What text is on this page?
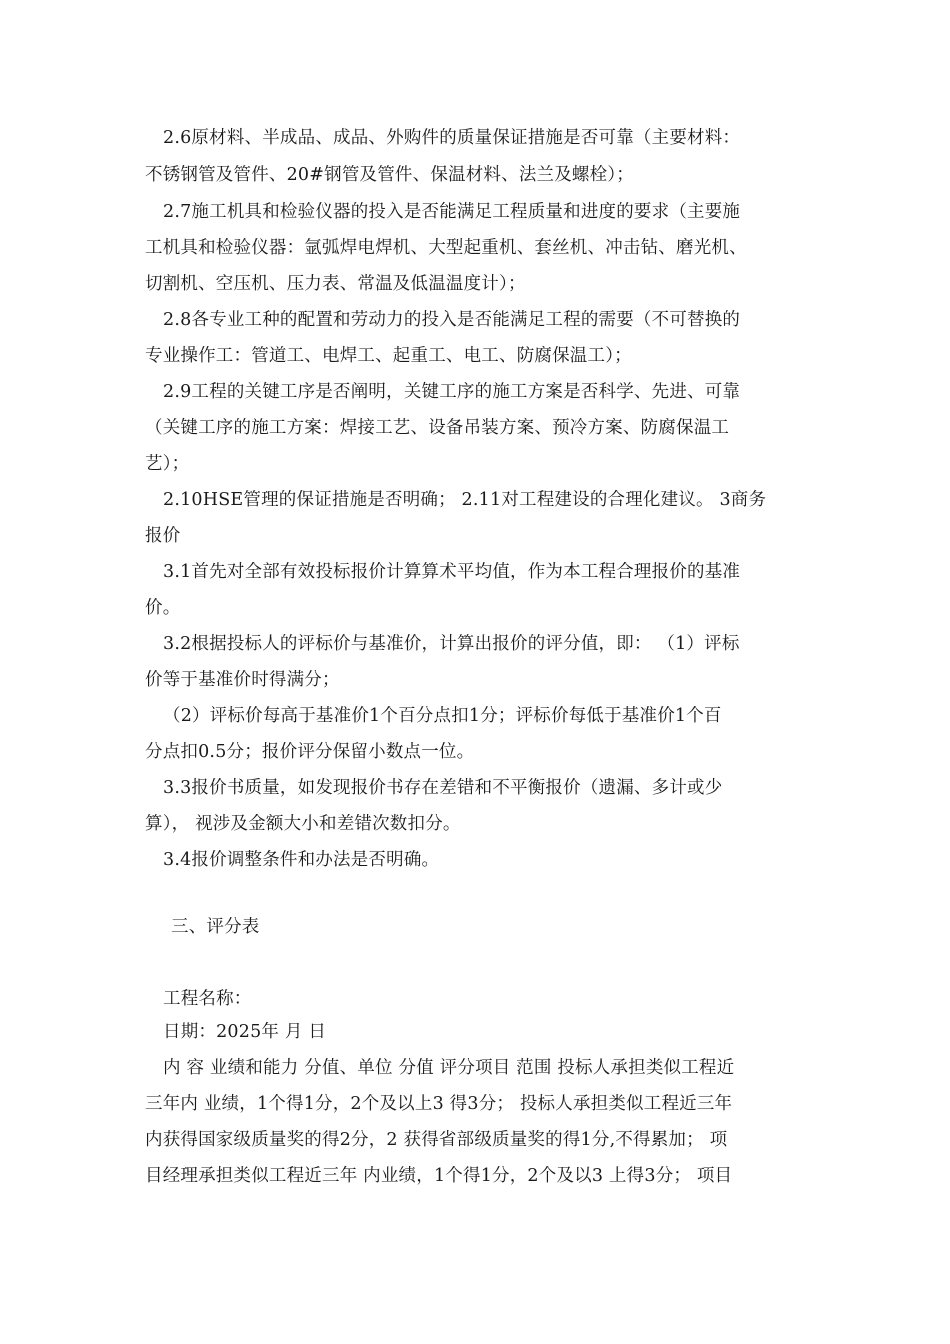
2.6原材料、半成品、成品、外购件的质量保证措施是否可靠（主要材料：
不锈钢管及管件、20#钢管及管件、保温材料、法兰及螺栓）；
2.7施工机具和检验仪器的投入是否能满足工程质量和进度的要求（主要施
工机具和检验仪器：氩弧焊电焊机、大型起重机、套丝机、冲击钻、磨光机、
切割机、空压机、压力表、常温及低温温度计）；
2.8各专业工种的配置和劳动力的投入是否能满足工程的需要（不可替换的
专业操作工：管道工、电焊工、起重工、电工、防腐保温工）；
2.9工程的关键工序是否阐明，关键工序的施工方案是否科学、先进、可靠
（关键工序的施工方案：焊接工艺、设备吊装方案、预冷方案、防腐保温工
艺）；
2.10HSE管理的保证措施是否明确； 2.11对工程建设的合理化建议。 3商务
报价
3.1首先对全部有效投标报价计算算术平均值，作为本工程合理报价的基准
价。
3.2根据投标人的评标价与基准价，计算出报价的评分值，即： （1）评标
价等于基准价时得满分；
（2）评标价每高于基准价1个百分点扣1分；评标价每低于基准价1个百
分点扣0.5分；报价评分保留小数点一位。
3.3报价书质量，如发现报价书存在差错和不平衡报价（遗漏、多计或少
算）， 视涉及金额大小和差错次数扣分。
3.4报价调整条件和办法是否明确。
三、评分表
工程名称：
日期：2025年 月 日
内 容 业绩和能力 分值、单位 分值 评分项目 范围 投标人承担类似工程近
三年内 业绩，1个得1分，2个及以上3 得3分； 投标人承担类似工程近三年
内获得国家级质量奖的得2分，2 获得省部级质量奖的得1分,不得累加； 项
目经理承担类似工程近三年 内业绩，1个得1分，2个及以3 上得3分； 项目
